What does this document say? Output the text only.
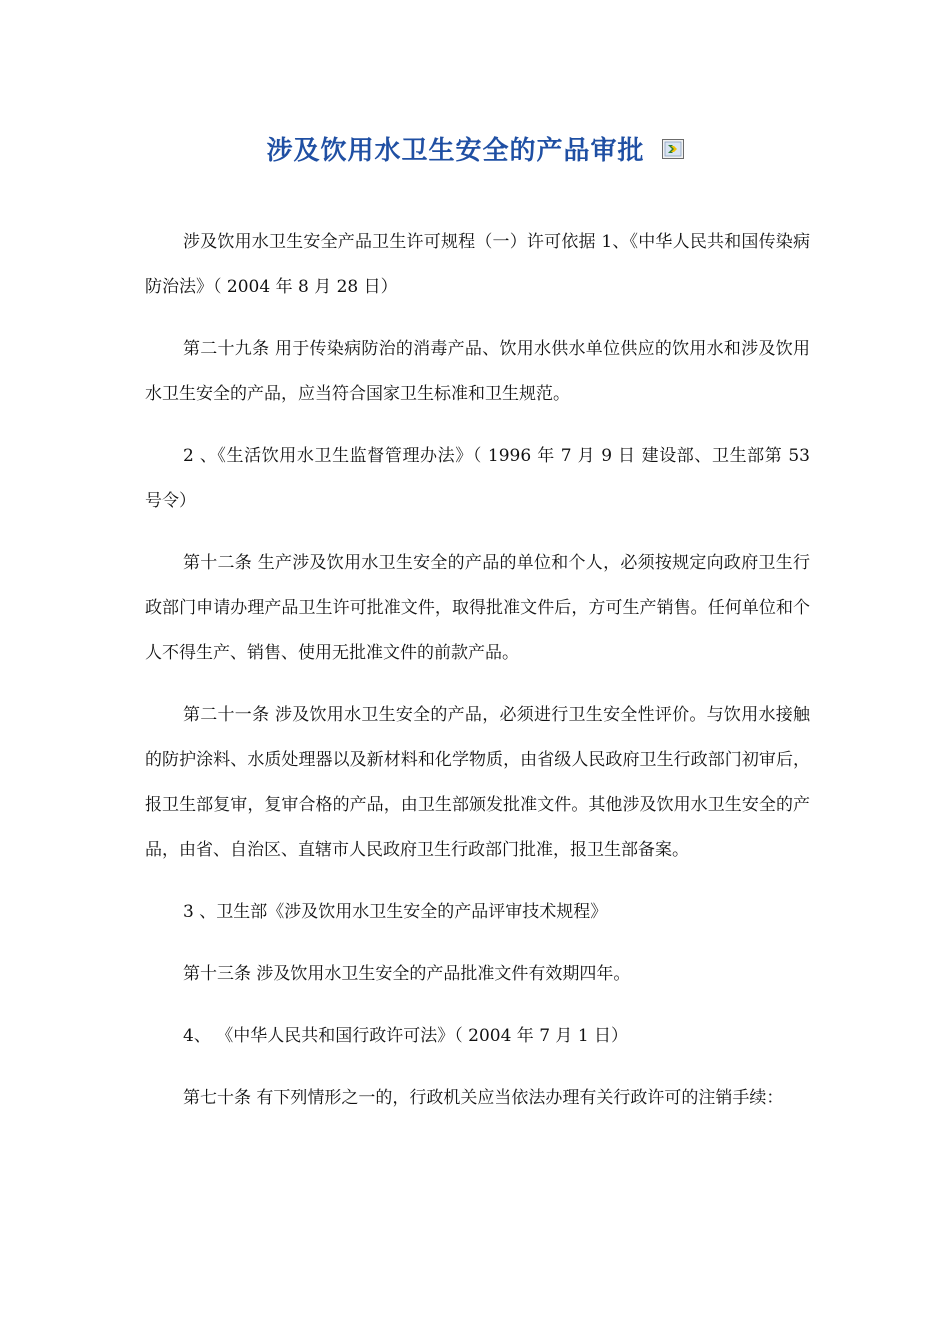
涉及饮用水卫生安全的产品审批

涉及饮用水卫生安全产品卫生许可规程（一）许可依据 1、《中华人民共和国传染病防治法》（ 2004 年 8 月 28 日）

第二十九条 用于传染病防治的消毒产品、饮用水供水单位供应的饮用水和涉及饮用水卫生安全的产品，应当符合国家卫生标准和卫生规范。

2 、《生活饮用水卫生监督管理办法》（ 1996 年 7 月 9 日 建设部、卫生部第 53 号令）

第十二条 生产涉及饮用水卫生安全的产品的单位和个人，必须按规定向政府卫生行政部门申请办理产品卫生许可批准文件，取得批准文件后，方可生产销售。任何单位和个人不得生产、销售、使用无批准文件的前款产品。

第二十一条 涉及饮用水卫生安全的产品，必须进行卫生安全性评价。与饮用水接触的防护涂料、水质处理器以及新材料和化学物质，由省级人民政府卫生行政部门初审后，报卫生部复审，复审合格的产品，由卫生部颁发批准文件。其他涉及饮用水卫生安全的产品，由省、自治区、直辖市人民政府卫生行政部门批准，报卫生部备案。

3 、卫生部《涉及饮用水卫生安全的产品评审技术规程》

第十三条 涉及饮用水卫生安全的产品批准文件有效期四年。

4、 《中华人民共和国行政许可法》（ 2004 年 7 月 1 日）

第七十条 有下列情形之一的，行政机关应当依法办理有关行政许可的注销手续：
